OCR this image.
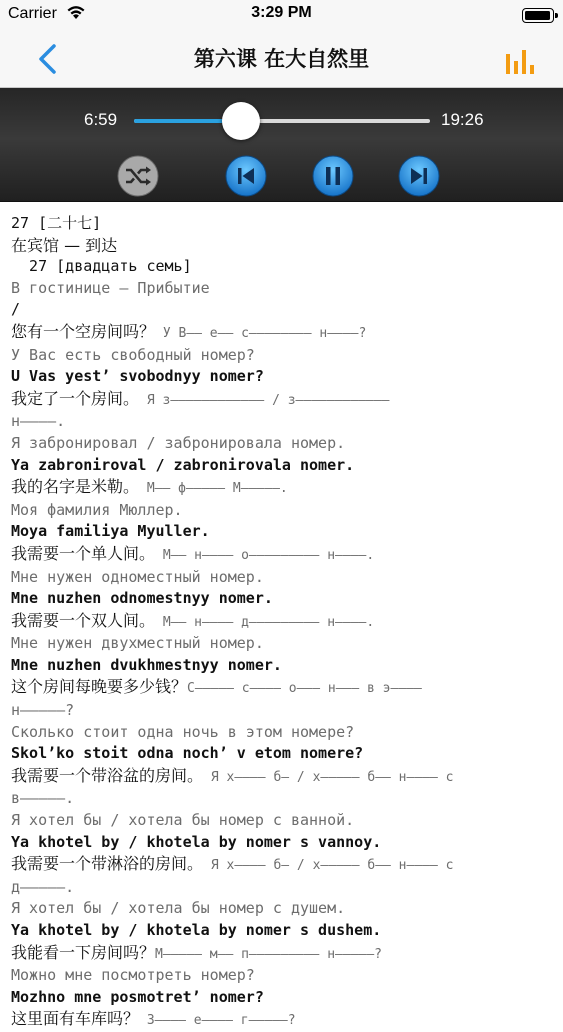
Carrier	3:29 PM
第六课 在大自然里
6:59	19:26
27 [二十七]
在宾馆 — 到达
27 [двадцать семь]
В гостинице — Прибытие
/
您有一个空房间吗？ У В—— е—— с———————— н————?
У Вас есть свободный номер?
U Vas yest’ svobodnyy nomer?
我定了一个房间。 Я з———————————— / з————————————
н————.
Я забронировал / забронировала номер.
Ya zabroniroval / zabronirovala nomer.
我的名字是米勒。 М—— ф————— М—————.
Моя фамилия Мюллер.
Moya familiya Myuller.
我需要一个单人间。 М—— н———— о————————— н————.
Мне нужен одноместный номер.
Mne nuzhen odnomestnyy nomer.
我需要一个双人间。 М—— н———— д————————— н————.
Мне нужен двухместный номер.
Mne nuzhen dvukhmestnyy nomer.
这个房间每晚要多少钱？С————— с———— о——— н——— в э————
н—————?
Сколько стоит одна ночь в этом номере?
Skol’ko stoit odna noch’ v etom nomere?
我需要一个带浴盆的房间。 Я х———— б— / х————— б—— н———— с
в—————.
Я хотел бы / хотела бы номер с ванной.
Ya khotel by / khotela by nomer s vannoy.
我需要一个带淋浴的房间。 Я х———— б— / х————— б—— н———— с
д—————.
Я хотел бы / хотела бы номер с душем.
Ya khotel by / khotela by nomer s dushem.
我能看一下房间吗？М————— м—— п————————— н—————?
Можно мне посмотреть номер?
Mozhno mne posmotret’ nomer?
这里面有车库吗？ З———— е———— г—————?
